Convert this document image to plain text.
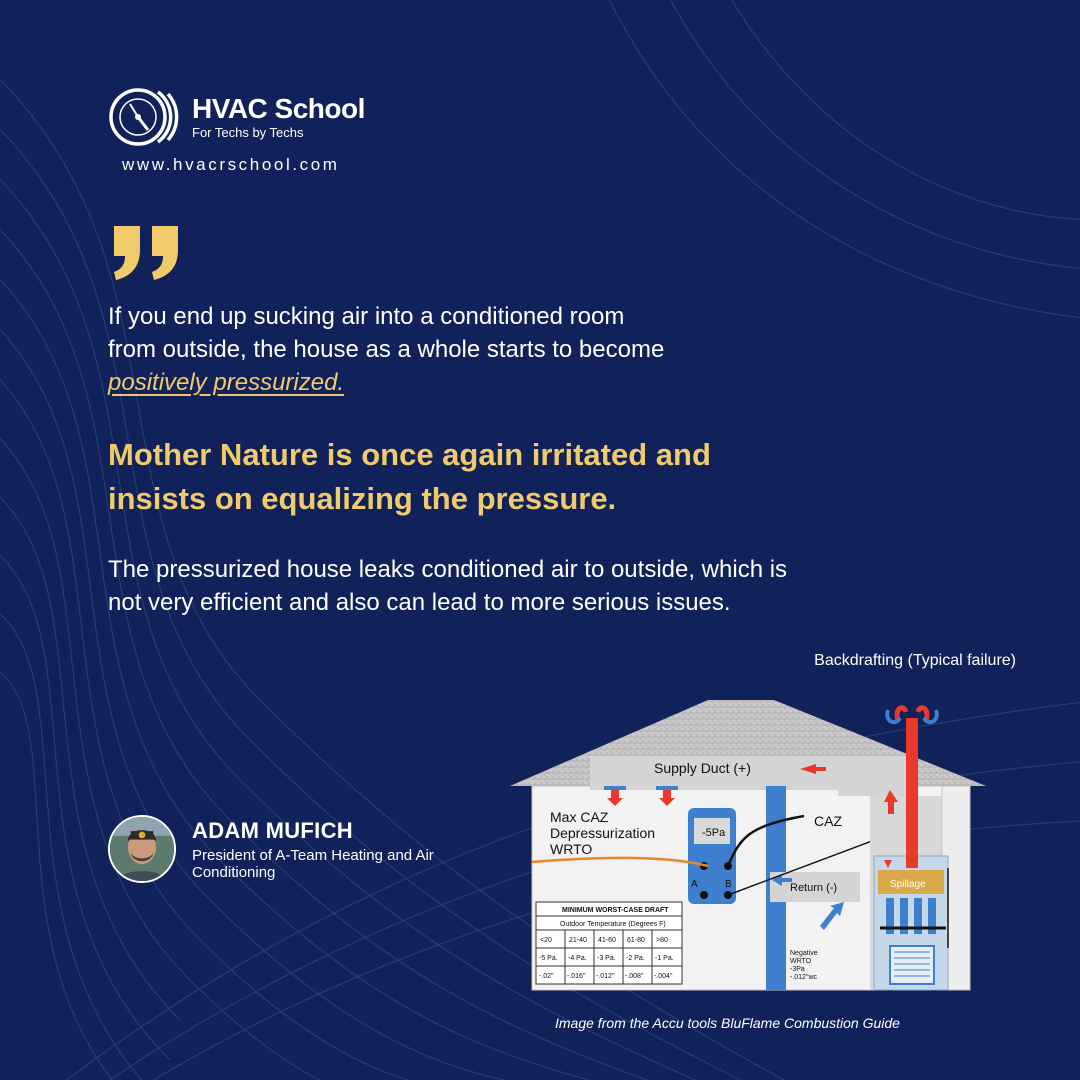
HVAC School
For Techs by Techs
www.hvacrschool.com
If you end up sucking air into a conditioned room from outside, the house as a whole starts to become positively pressurized.
Mother Nature is once again irritated and insists on equalizing the pressure.
The pressurized house leaks conditioned air to outside, which is not very efficient and also can lead to more serious issues.
ADAM MUFICH
President of A-Team Heating and Air Conditioning
Backdrafting (Typical failure)
Supply Duct (+)
Return (-)
Max CAZ
Depressurization
WRTO
-5Pa
A	B
CAZ
Spillage
Negative
WRTO
-3Pa
-.012"wc
MINIMUM WORST-CASE DRAFT
Outdoor Temperature (Degrees F)
<20 21-40 41-60 61-80 >80
-5 Pa. -4 Pa. -3 Pa. -2 Pa. -1 Pa.
-.02" -.016" -.012" -.008" -.004"
Image from the Accu tools BluFlame Combustion Guide
